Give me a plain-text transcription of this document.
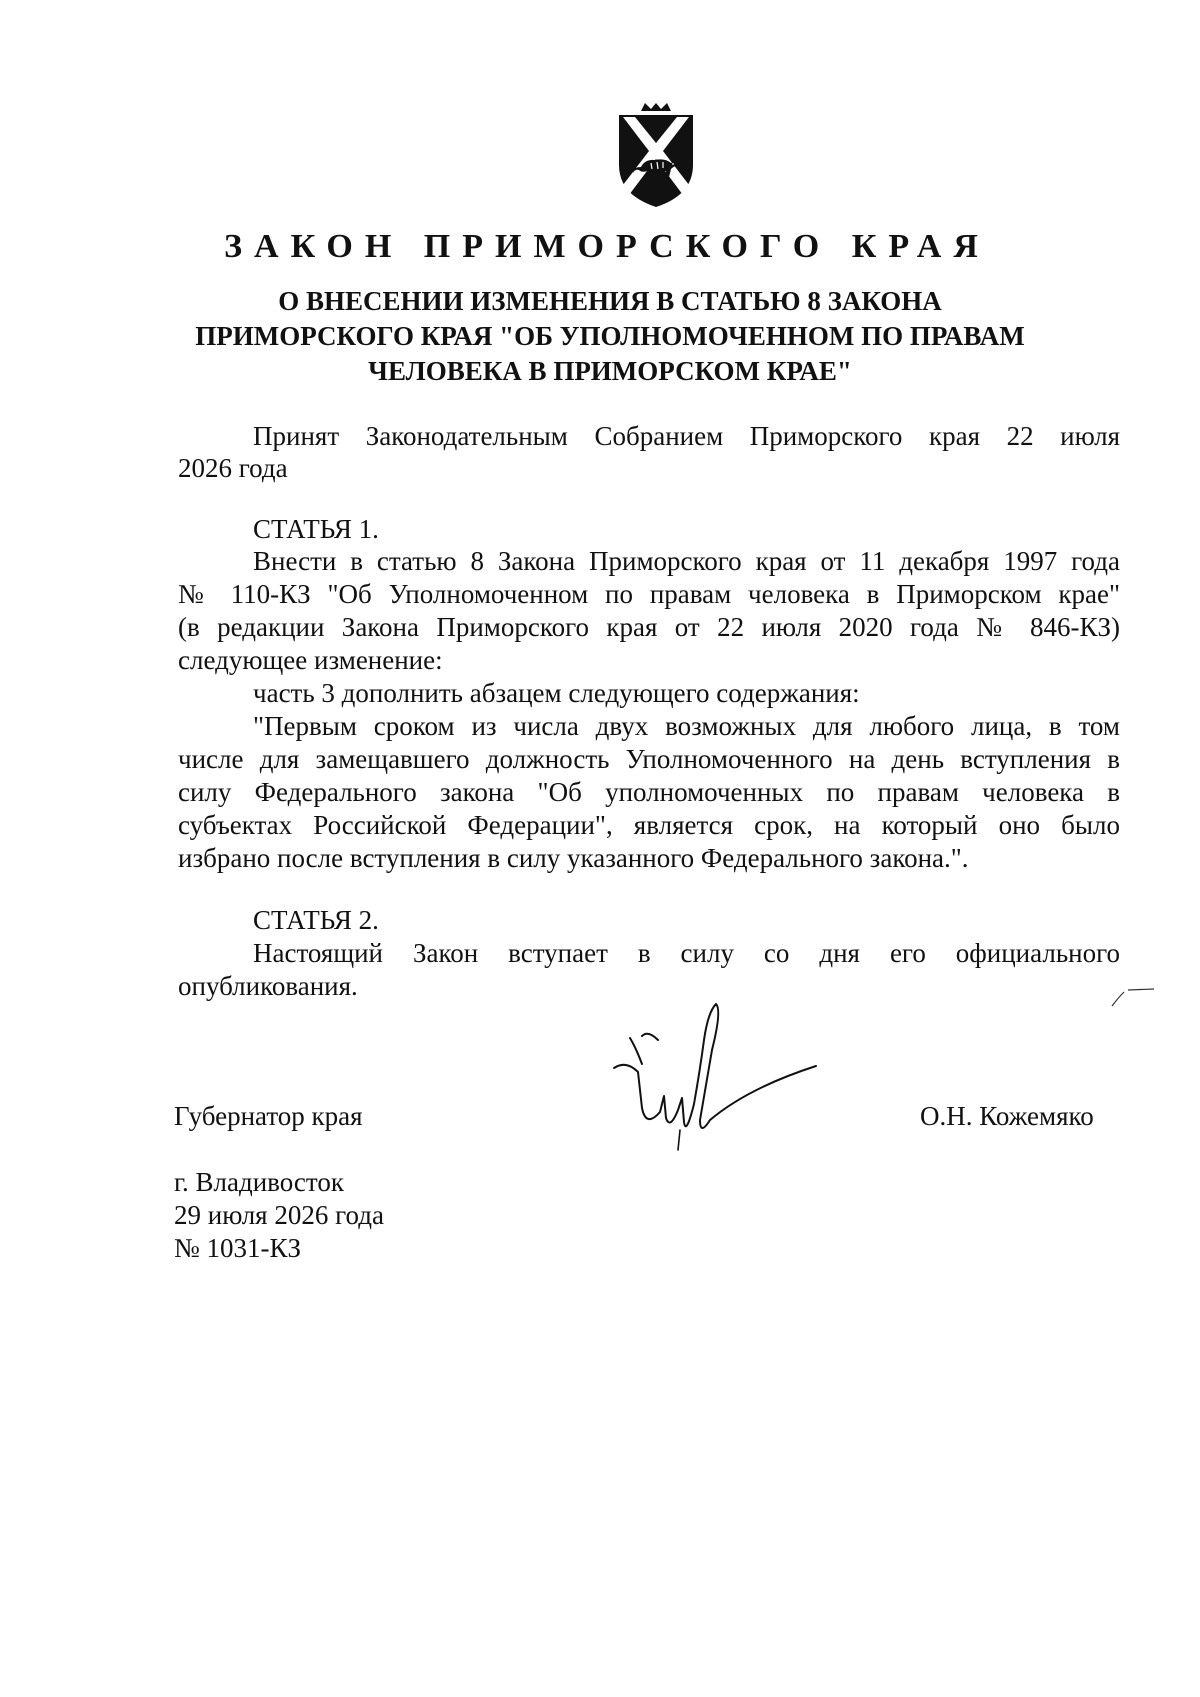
ЗАКОН ПРИМОРСКОГО КРАЯ
О ВНЕСЕНИИ ИЗМЕНЕНИЯ В СТАТЬЮ 8 ЗАКОНА
ПРИМОРСКОГО КРАЯ "ОБ УПОЛНОМОЧЕННОМ ПО ПРАВАМ
ЧЕЛОВЕКА В ПРИМОРСКОМ КРАЕ"

Принят Законодательным Собранием Приморского края 22 июля

2026 года

СТАТЬЯ 1.

Внести в статью 8 Закона Приморского края от 11 декабря 1997 года

№ 110-КЗ "Об Уполномоченном по правам человека в Приморском крае"

(в редакции Закона Приморского края от 22 июля 2020 года № 846-КЗ)

следующее изменение:

часть 3 дополнить абзацем следующего содержания:

"Первым сроком из числа двух возможных для любого лица, в том

числе для замещавшего должность Уполномоченного на день вступления в

силу Федерального закона "Об уполномоченных по правам человека в

субъектах Российской Федерации", является срок, на который оно было

избрано после вступления в силу указанного Федерального закона.".

СТАТЬЯ 2.

Настоящий Закон вступает в силу со дня его официального

опубликования.

Губернатор края	О.Н. Кожемяко

г. Владивосток

29 июля 2026 года

№ 1031-КЗ
